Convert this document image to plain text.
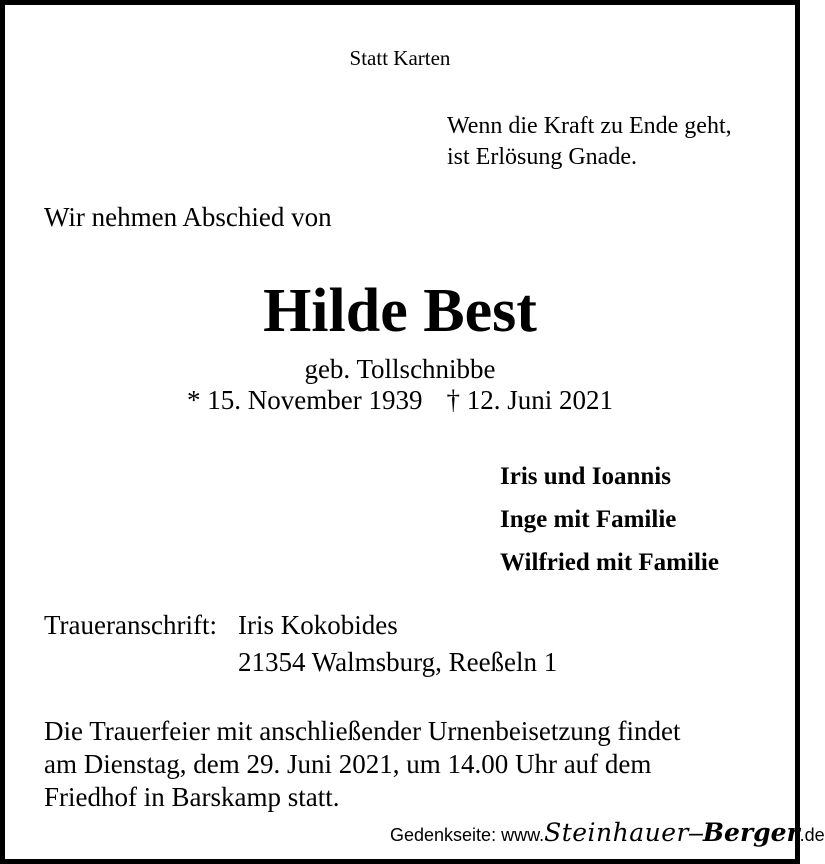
Statt Karten
Wenn die Kraft zu Ende geht,
ist Erlösung Gnade.
Wir nehmen Abschied von
Hilde Best
geb. Tollschnibbe
* 15. November 1939 † 12. Juni 2021
Iris und Ioannis
Inge mit Familie
Wilfried mit Familie
Traueranschrift: Iris Kokobides
21354 Walmsburg, Reeßeln 1
Die Trauerfeier mit anschließender Urnenbeisetzung findet
am Dienstag, dem 29. Juni 2021, um 14.00 Uhr auf dem
Friedhof in Barskamp statt.
Gedenkseite: www.Steinhauer–Berger.de
